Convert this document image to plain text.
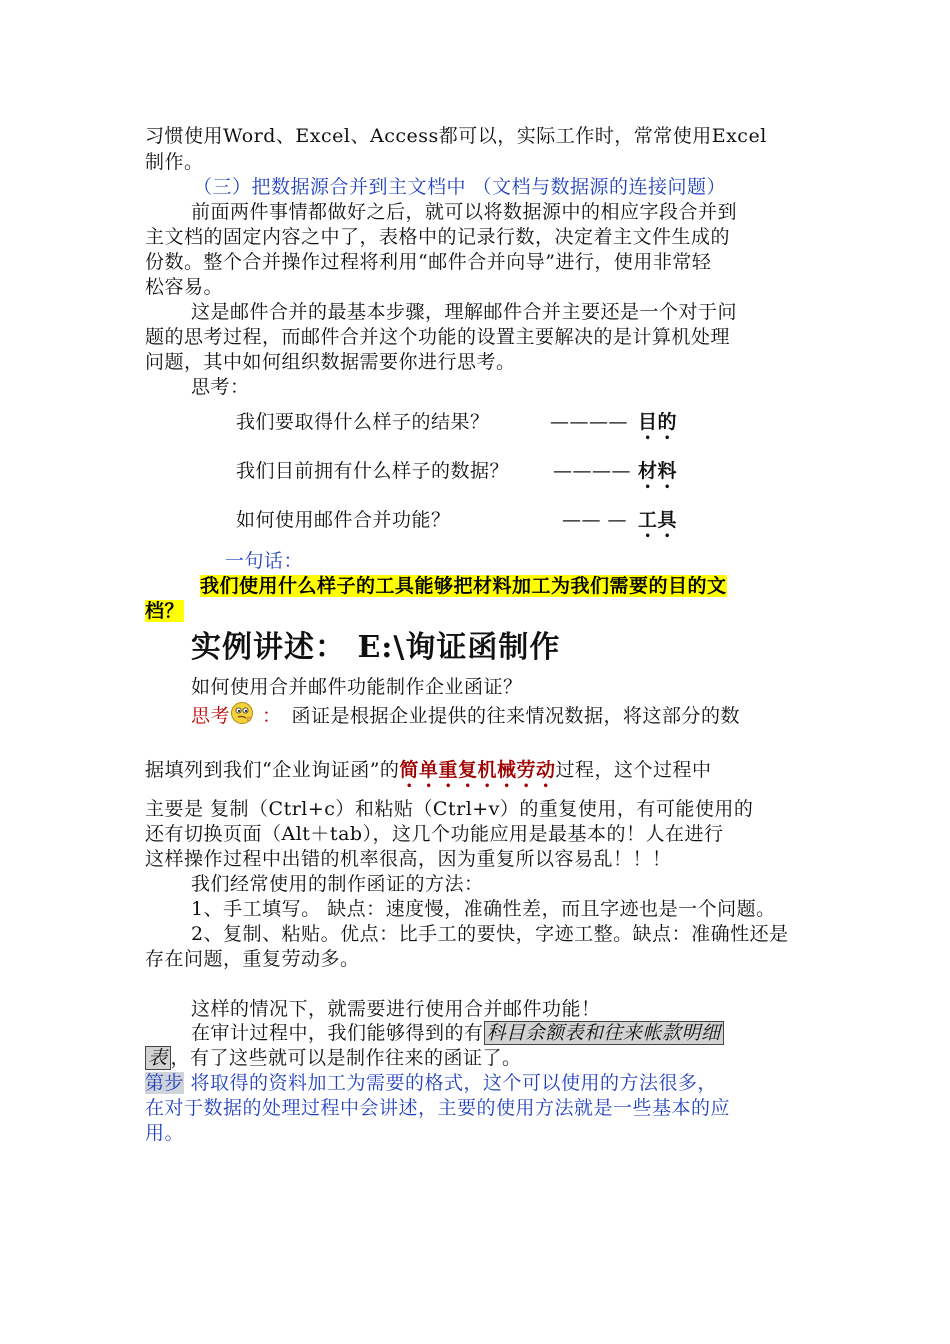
习惯使用Word、Excel、Access都可以，实际工作时，常常使用Excel
制作。
（三）把数据源合并到主文档中 （文档与数据源的连接问题）
前面两件事情都做好之后，就可以将数据源中的相应字段合并到
主文档的固定内容之中了，表格中的记录行数，决定着主文件生成的
份数。整个合并操作过程将利用“邮件合并向导”进行，使用非常轻
松容易。
这是邮件合并的最基本步骤，理解邮件合并主要还是一个对于问
题的思考过程，而邮件合并这个功能的设置主要解决的是计算机处理
问题，其中如何组织数据需要你进行思考。
思考：
我们要取得什么样子的结果？	———— 目的
我们目前拥有什么样子的数据？ ———— 材料
如何使用邮件合并功能？	—— — 工具
一句话：
我们使用什么样子的工具能够把材料加工为我们需要的目的文
档？
实例讲述： E:\询证函制作
如何使用合并邮件功能制作企业函证？
思考 ： 函证是根据企业提供的往来情况数据，将这部分的数
据填列到我们“企业询证函”的简单重复机械劳动过程，这个过程中
主要是 复制（Ctrl+c）和粘贴（Ctrl+v）的重复使用，有可能使用的
还有切换页面（Alt＋tab），这几个功能应用是最基本的！人在进行
这样操作过程中出错的机率很高，因为重复所以容易乱！！！
我们经常使用的制作函证的方法：
1、手工填写。 缺点：速度慢，准确性差，而且字迹也是一个问题。
2、复制、粘贴。优点：比手工的要快，字迹工整。缺点：准确性还是
存在问题，重复劳动多。
这样的情况下，就需要进行使用合并邮件功能！
在审计过程中，我们能够得到的有 科目余额表和往来帐款明细
表 ，有了这些就可以是制作往来的函证了。
第步 将取得的资料加工为需要的格式，这个可以使用的方法很多，
在对于数据的处理过程中会讲述，主要的使用方法就是一些基本的应
用。
